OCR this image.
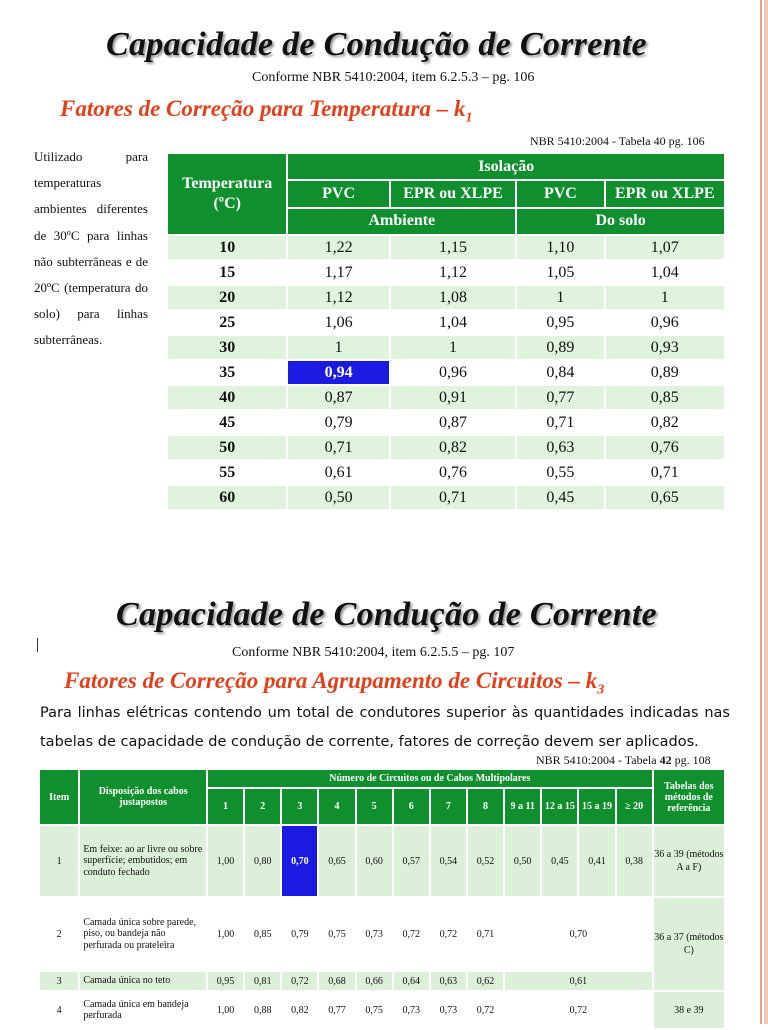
Capacidade de Condução de Corrente
Conforme NBR 5410:2004, item 6.2.5.3 – pg. 106
Fatores de Correção para Temperatura – $k_1$
NBR 5410:2004 - Tabela 40 pg. 106
Utilizado para temperaturas ambientes diferentes de 30ºC para linhas não subterrâneas e de 20ºC (temperatura do solo) para linhas subterrâneas.
Temperatura (ºC)	Isolação			
	PVC	EPR ou XLPE	PVC	EPR ou XLPE
	Ambiente		Do solo	
10	1,22	1,15	1,10	1,07
15	1,17	1,12	1,05	1,04
20	1,12	1,08	1	1
25	1,06	1,04	0,95	0,96
30	1	1	0,89	0,93
35	0,94	0,96	0,84	0,89
40	0,87	0,91	0,77	0,85
45	0,79	0,87	0,71	0,82
50	0,71	0,82	0,63	0,76
55	0,61	0,76	0,55	0,71
60	0,50	0,71	0,45	0,65
Capacidade de Condução de Corrente
Conforme NBR 5410:2004, item 6.2.5.5 – pg. 107
Fatores de Correção para Agrupamento de Circuitos – $k_3$
Para linhas elétricas contendo um total de condutores superior às quantidades indicadas nas tabelas de capacidade de condução de corrente, fatores de correção devem ser aplicados.
NBR 5410:2004 - Tabela 42 pg. 108
Item	Disposição dos cabos justapostos	Número de Circuitos ou de Cabos Multipolares												Tabelas dos métodos de referência
		1	2	3	4	5	6	7	8	9 a 11	12 a 15	15 a 19	≥ 20	
1	Em feixe: ao ar livre ou sobre superfície; embutidos; em conduto fechado	1,00	0,80	0,70	0,65	0,60	0,57	0,54	0,52	0,50	0,45	0,41	0,38	36 a 39 (métodos A a F)
2	Camada única sobre parede, piso, ou bandeja não perfurada ou prateleira	1,00	0,85	0,79	0,75	0,73	0,72	0,72	0,71	0,70				36 a 37 (métodos C)
3	Camada única no teto	0,95	0,81	0,72	0,68	0,66	0,64	0,63	0,62	0,61				
4	Camada única em bandeja perfurada	1,00	0,88	0,82	0,77	0,75	0,73	0,73	0,72	0,72				38 e 39
